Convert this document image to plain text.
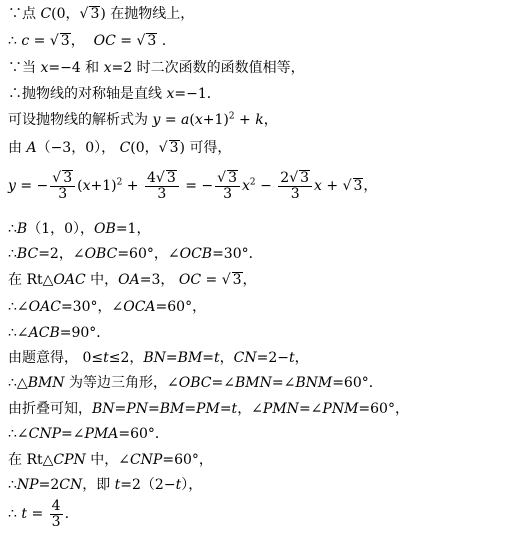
∵点 C(0，√ 3) 在抛物线上，
∴ c = √ 3，  OC = √ 3 .
∵当 x=−4 和 x=2 时二次函数的函数值相等，
∴抛物线的对称轴是直线 x=−1．
可设抛物线的解析式为 $y = a(x+1)^2 + k$，
由 A（−3，0）， C(0，√ 3) 可得，
y = − $\frac{√ 3}{3} (x+1)^2 + \frac{4√ 3}{3}$ = − $\frac{√ 3}{3} x^2 - \frac{2√ 3}{3}$ x + √ 3，
∴B（1，0），OB=1，
∴BC=2，∠OBC=60°，∠OCB=30°．
在 Rt△OAC 中，OA=3， OC = √ 3，
∴∠OAC=30°，∠OCA=60°，
∴∠ACB=90°．
由题意得， 0≤t≤2，BN=BM=t，CN=2−t，
∴△BMN 为等边三角形，∠OBC=∠BMN=∠BNM=60°．
由折叠可知，BN=PN=BM=PM=t，∠PMN=∠PNM=60°，
∴∠CNP=∠PMA=60°．
在 Rt△CPN 中，∠CNP=60°，
∴NP=2CN，即 t=2（2−t），
∴ $t = \frac{4}{3}$ .
